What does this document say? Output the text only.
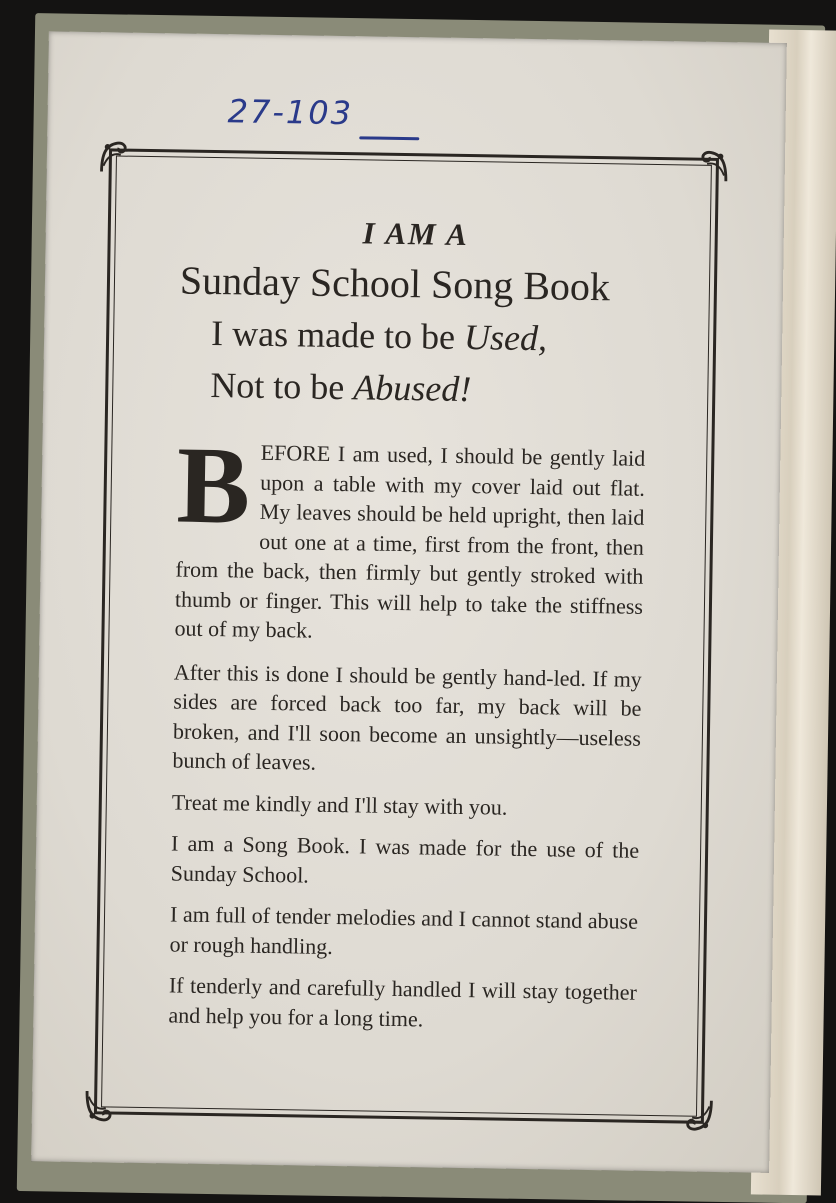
27-103
I AM A
Sunday School Song Book
I was made to be Used,
Not to be Abused!

BEFORE I am used, I should be gently laid upon a table with my cover laid out flat. My leaves should be held upright, then laid out one at a time, first from the front, then from the back, then firmly but gently stroked with thumb or finger. This will help to take the stiffness out of my back.

After this is done I should be gently hand-led. If my sides are forced back too far, my back will be broken, and I'll soon become an unsightly—useless bunch of leaves.

Treat me kindly and I'll stay with you.

I am a Song Book. I was made for the use of the Sunday School.

I am full of tender melodies and I cannot stand abuse or rough handling.

If tenderly and carefully handled I will stay together and help you for a long time.
